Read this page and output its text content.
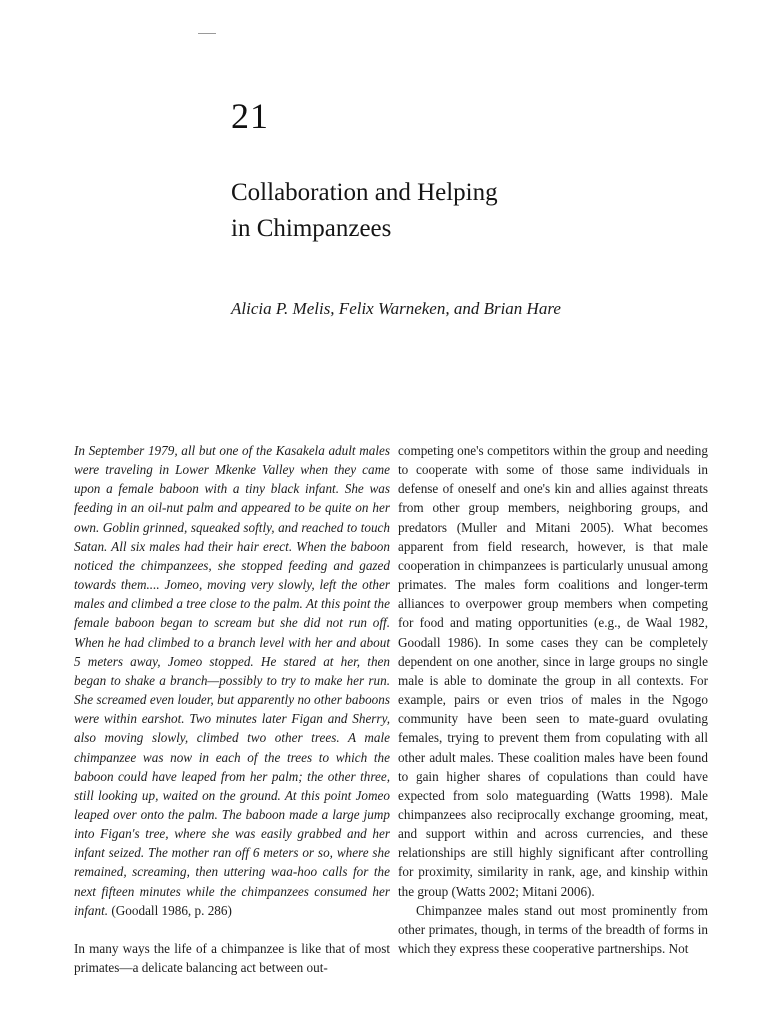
21
Collaboration and Helping
in Chimpanzees
Alicia P. Melis, Felix Warneken, and Brian Hare

In September 1979, all but one of the Kasakela adult males were traveling in Lower Mkenke Valley when they came upon a female baboon with a tiny black infant. She was feeding in an oil-nut palm and appeared to be quite on her own. Goblin grinned, squeaked softly, and reached to touch Satan. All six males had their hair erect. When the baboon noticed the chimpanzees, she stopped feeding and gazed towards them.... Jomeo, moving very slowly, left the other males and climbed a tree close to the palm. At this point the female baboon began to scream but she did not run off. When he had climbed to a branch level with her and about 5 meters away, Jomeo stopped. He stared at her, then began to shake a branch—possibly to try to make her run. She screamed even louder, but apparently no other baboons were within earshot. Two minutes later Figan and Sherry, also moving slowly, climbed two other trees. A male chimpanzee was now in each of the trees to which the baboon could have leaped from her palm; the other three, still looking up, waited on the ground. At this point Jomeo leaped over onto the palm. The baboon made a large jump into Figan's tree, where she was easily grabbed and her infant seized. The mother ran off 6 meters or so, where she remained, screaming, then uttering waa-hoo calls for the next fifteen minutes while the chimpanzees consumed her infant. (Goodall 1986, p. 286)

In many ways the life of a chimpanzee is like that of most primates—a delicate balancing act between out-

competing one's competitors within the group and needing to cooperate with some of those same individuals in defense of oneself and one's kin and allies against threats from other group members, neighboring groups, and predators (Muller and Mitani 2005). What becomes apparent from field research, however, is that male cooperation in chimpanzees is particularly unusual among primates. The males form coalitions and longer-term alliances to overpower group members when competing for food and mating opportunities (e.g., de Waal 1982, Goodall 1986). In some cases they can be completely dependent on one another, since in large groups no single male is able to dominate the group in all contexts. For example, pairs or even trios of males in the Ngogo community have been seen to mate-guard ovulating females, trying to prevent them from copulating with all other adult males. These coalition males have been found to gain higher shares of copulations than could have expected from solo mateguarding (Watts 1998). Male chimpanzees also reciprocally exchange grooming, meat, and support within and across currencies, and these relationships are still highly significant after controlling for proximity, similarity in rank, age, and kinship within the group (Watts 2002; Mitani 2006).

Chimpanzee males stand out most prominently from other primates, though, in terms of the breadth of forms in which they express these cooperative partnerships. Not
